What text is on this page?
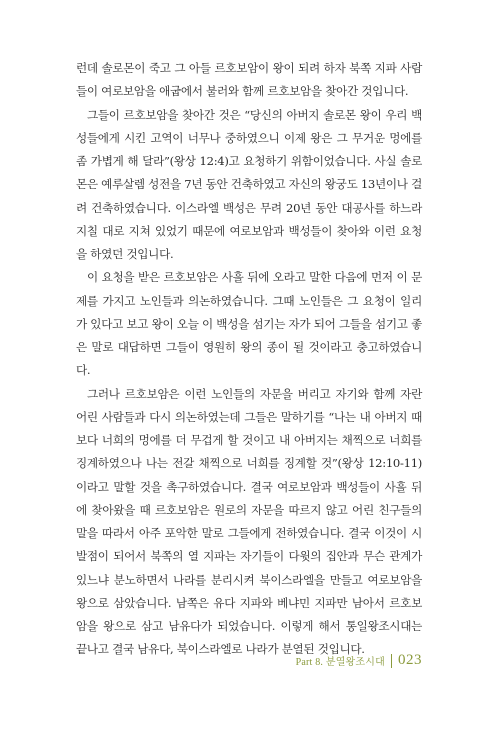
런데 솔로몬이 죽고 그 아들 르호보암이 왕이 되려 하자 북쪽 지파 사람들이 여로보암을 애굽에서 불러와 함께 르호보암을 찾아간 것입니다.

그들이 르호보암을 찾아간 것은 “당신의 아버지 솔로몬 왕이 우리 백성들에게 시킨 고역이 너무나 중하였으니 이제 왕은 그 무거운 멍에를 좀 가볍게 해 달라”(왕상 12:4)고 요청하기 위함이었습니다. 사실 솔로몬은 예루살렘 성전을 7년 동안 건축하였고 자신의 왕궁도 13년이나 걸려 건축하였습니다. 이스라엘 백성은 무려 20년 동안 대공사를 하느라 지칠 대로 지쳐 있었기 때문에 여로보암과 백성들이 찾아와 이런 요청을 하였던 것입니다.

이 요청을 받은 르호보암은 사흘 뒤에 오라고 말한 다음에 먼저 이 문제를 가지고 노인들과 의논하였습니다. 그때 노인들은 그 요청이 일리가 있다고 보고 왕이 오늘 이 백성을 섬기는 자가 되어 그들을 섬기고 좋은 말로 대답하면 그들이 영원히 왕의 종이 될 것이라고 충고하였습니다.

그러나 르호보암은 이런 노인들의 자문을 버리고 자기와 함께 자란 어린 사람들과 다시 의논하였는데 그들은 말하기를 “나는 내 아버지 때보다 너희의 멍에를 더 무겁게 할 것이고 내 아버지는 채찍으로 너희를 징계하였으나 나는 전갈 채찍으로 너희를 징계할 것”(왕상 12:10-11)이라고 말할 것을 촉구하였습니다. 결국 여로보암과 백성들이 사흘 뒤에 찾아왔을 때 르호보암은 원로의 자문을 따르지 않고 어린 친구들의 말을 따라서 아주 포악한 말로 그들에게 전하였습니다. 결국 이것이 시발점이 되어서 북쪽의 열 지파는 자기들이 다윗의 집안과 무슨 관계가 있느냐 분노하면서 나라를 분리시켜 북이스라엘을 만들고 여로보암을 왕으로 삼았습니다. 남쪽은 유다 지파와 베냐민 지파만 남아서 르호보암을 왕으로 삼고 남유다가 되었습니다. 이렇게 해서 통일왕조시대는 끝나고 결국 남유다, 북이스라엘로 나라가 분열된 것입니다.

Part 8. 분열왕조시대 023
